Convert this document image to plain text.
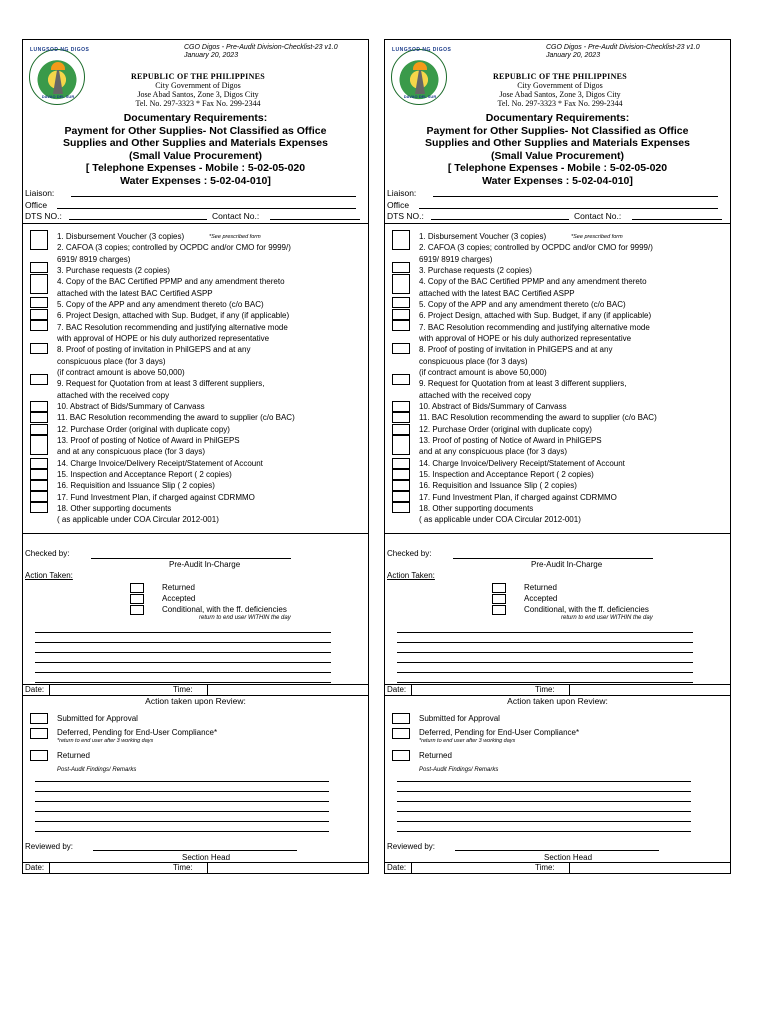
CGO Digos - Pre-Audit Division-Checklist-23 v1.0
January 20, 2023
LUNGSOD NG DIGOS
DAVAO DEL SUR
REPUBLIC OF THE PHILIPPINES
City Government of Digos
Jose Abad Santos, Zone 3, Digos City
Tel. No. 297-3323 * Fax No. 299-2344
Documentary Requirements:
Payment for Other Supplies- Not Classified as Office
Supplies and Other Supplies and Materials Expenses
(Small Value Procurement)
[ Telephone Expenses - Mobile : 5-02-05-020
Water Expenses : 5-02-04-010]
Liaison:
Office
DTS NO.:	Contact No.:
1. Disbursement Voucher (3 copies)
2. CAFOA (3 copies; controlled by OCPDC and/or CMO for 9999/)
6919/ 8919 charges)
3. Purchase requests (2 copies)
4. Copy of the BAC Certified PPMP and any amendment thereto
attached with the latest BAC Certified ASPP
5. Copy of the APP and any amendment thereto (c/o BAC)
6. Project Design, attached with Sup. Budget, if any (if applicable)
7. BAC Resolution recommending and justifying alternative mode
with approval of HOPE or his duly authorized representative
8. Proof of posting of invitation in PhilGEPS and at any
conspicuous place (for 3 days)
(if contract amount is above 50,000)
9. Request for Quotation from at least 3 different suppliers,
attached with the received copy
10. Abstract of Bids/Summary of Canvass
11. BAC Resolution recommending the award to supplier (c/o BAC)
12. Purchase Order (original with duplicate copy)
13. Proof of posting of Notice of Award in PhilGEPS
and at any conspicuous place (for 3 days)
14. Charge Invoice/Delivery Receipt/Statement of Account
15. Inspection and Acceptance Report ( 2 copies)
16. Requisition and Issuance Slip ( 2 copies)
17. Fund Investment Plan, if charged against CDRMMO
18. Other supporting documents
( as applicable under COA Circular 2012-001)
*See prescribed form
Checked by:
Pre-Audit In-Charge
Action Taken:
Returned
Accepted
Conditional, with the ff. deficiencies
return to end user WITHIN the day
Date:	Time:
Action taken upon Review:
Submitted for Approval
Deferred, Pending for End-User Compliance*
*return to end user after 3 working days
Returned
Post-Audit Findings/ Remarks
Reviewed by:
Section Head
Date:	Time:
CGO Digos - Pre-Audit Division-Checklist-23 v1.0
January 20, 2023
LUNGSOD NG DIGOS
DAVAO DEL SUR
REPUBLIC OF THE PHILIPPINES
City Government of Digos
Jose Abad Santos, Zone 3, Digos City
Tel. No. 297-3323 * Fax No. 299-2344
Documentary Requirements:
Payment for Other Supplies- Not Classified as Office
Supplies and Other Supplies and Materials Expenses
(Small Value Procurement)
[ Telephone Expenses - Mobile : 5-02-05-020
Water Expenses : 5-02-04-010]
Liaison:
Office
DTS NO.:	Contact No.:
1. Disbursement Voucher (3 copies)
2. CAFOA (3 copies; controlled by OCPDC and/or CMO for 9999/)
6919/ 8919 charges)
3. Purchase requests (2 copies)
4. Copy of the BAC Certified PPMP and any amendment thereto
attached with the latest BAC Certified ASPP
5. Copy of the APP and any amendment thereto (c/o BAC)
6. Project Design, attached with Sup. Budget, if any (if applicable)
7. BAC Resolution recommending and justifying alternative mode
with approval of HOPE or his duly authorized representative
8. Proof of posting of invitation in PhilGEPS and at any
conspicuous place (for 3 days)
(if contract amount is above 50,000)
9. Request for Quotation from at least 3 different suppliers,
attached with the received copy
10. Abstract of Bids/Summary of Canvass
11. BAC Resolution recommending the award to supplier (c/o BAC)
12. Purchase Order (original with duplicate copy)
13. Proof of posting of Notice of Award in PhilGEPS
and at any conspicuous place (for 3 days)
14. Charge Invoice/Delivery Receipt/Statement of Account
15. Inspection and Acceptance Report ( 2 copies)
16. Requisition and Issuance Slip ( 2 copies)
17. Fund Investment Plan, if charged against CDRMMO
18. Other supporting documents
( as applicable under COA Circular 2012-001)
*See prescribed form
Checked by:
Pre-Audit In-Charge
Action Taken:
Returned
Accepted
Conditional, with the ff. deficiencies
return to end user WITHIN the day
Date:	Time:
Action taken upon Review:
Submitted for Approval
Deferred, Pending for End-User Compliance*
*return to end user after 3 working days
Returned
Post-Audit Findings/ Remarks
Reviewed by:
Section Head
Date:	Time:
